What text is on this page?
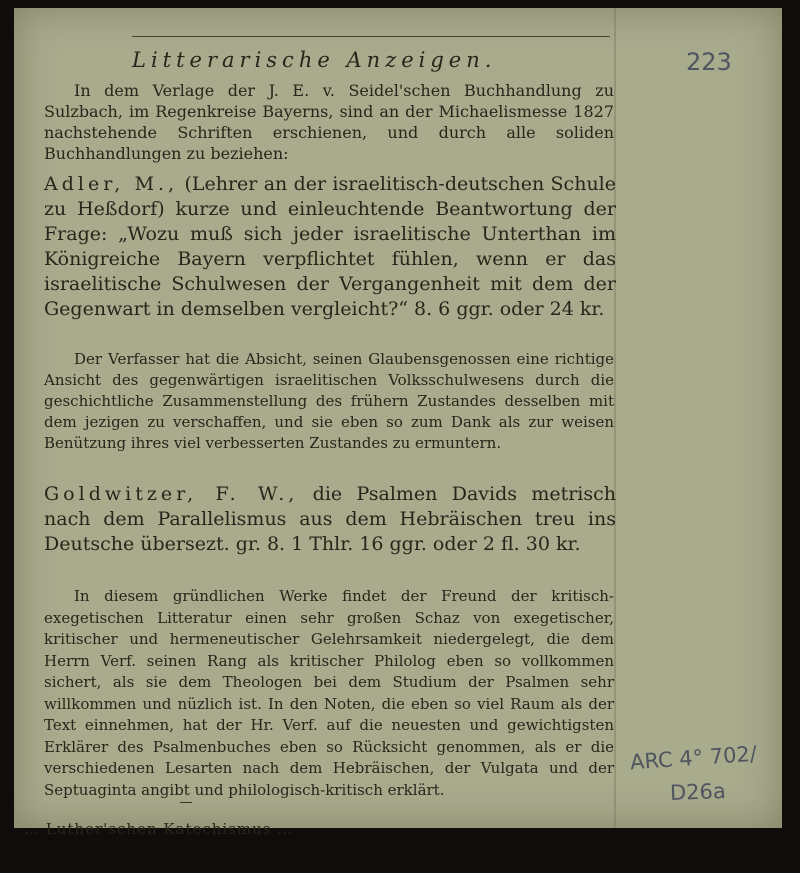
Litterarische Anzeigen.

In dem Verlage der J. E. v. Seidel'schen Buchhandlung zu Sulzbach, im Regenkreise Bayerns, sind an der Michaelismesse 1827 nachstehende Schriften erschienen, und durch alle soliden Buchhandlungen zu beziehen:

Adler, M., (Lehrer an der israelitisch-deutschen Schule zu Heßdorf) kurze und einleuchtende Beantwortung der Frage: „Wozu muß sich jeder israelitische Unterthan im Königreiche Bayern verpflichtet fühlen, wenn er das israelitische Schulwesen der Vergangenheit mit dem der Gegenwart in demselben vergleicht?“ 8. 6 ggr. oder 24 kr.

Der Verfasser hat die Absicht, seinen Glaubensgenossen eine richtige Ansicht des gegenwärtigen israelitischen Volksschulwesens durch die geschichtliche Zusammenstellung des frühern Zustandes desselben mit dem jezigen zu verschaffen, und sie eben so zum Dank als zur weisen Benützung ihres viel verbesserten Zustandes zu ermuntern.

Goldwitzer, F. W., die Psalmen Davids metrisch nach dem Parallelismus aus dem Hebräischen treu ins Deutsche übersezt. gr. 8. 1 Thlr. 16 ggr. oder 2 fl. 30 kr.

In diesem gründlichen Werke findet der Freund der kritisch-exegetischen Litteratur einen sehr großen Schaz von exegetischer, kritischer und hermeneutischer Gelehrsamkeit niedergelegt, die dem Herrn Verf. seinen Rang als kritischer Philolog eben so vollkommen sichert, als sie dem Theologen bei dem Studium der Psalmen sehr willkommen und nüzlich ist. In den Noten, die eben so viel Raum als der Text einnehmen, hat der Hr. Verf. auf die neuesten und gewichtigsten Erklärer des Psalmenbuches eben so Rücksicht genommen, als er die verschiedenen Lesarten nach dem Hebräischen, der Vulgata und der Septuaginta angibt und philologisch-kritisch erklärt.

… Luther'schen Katechismus …
223
ARC 4° 702/
D26a
